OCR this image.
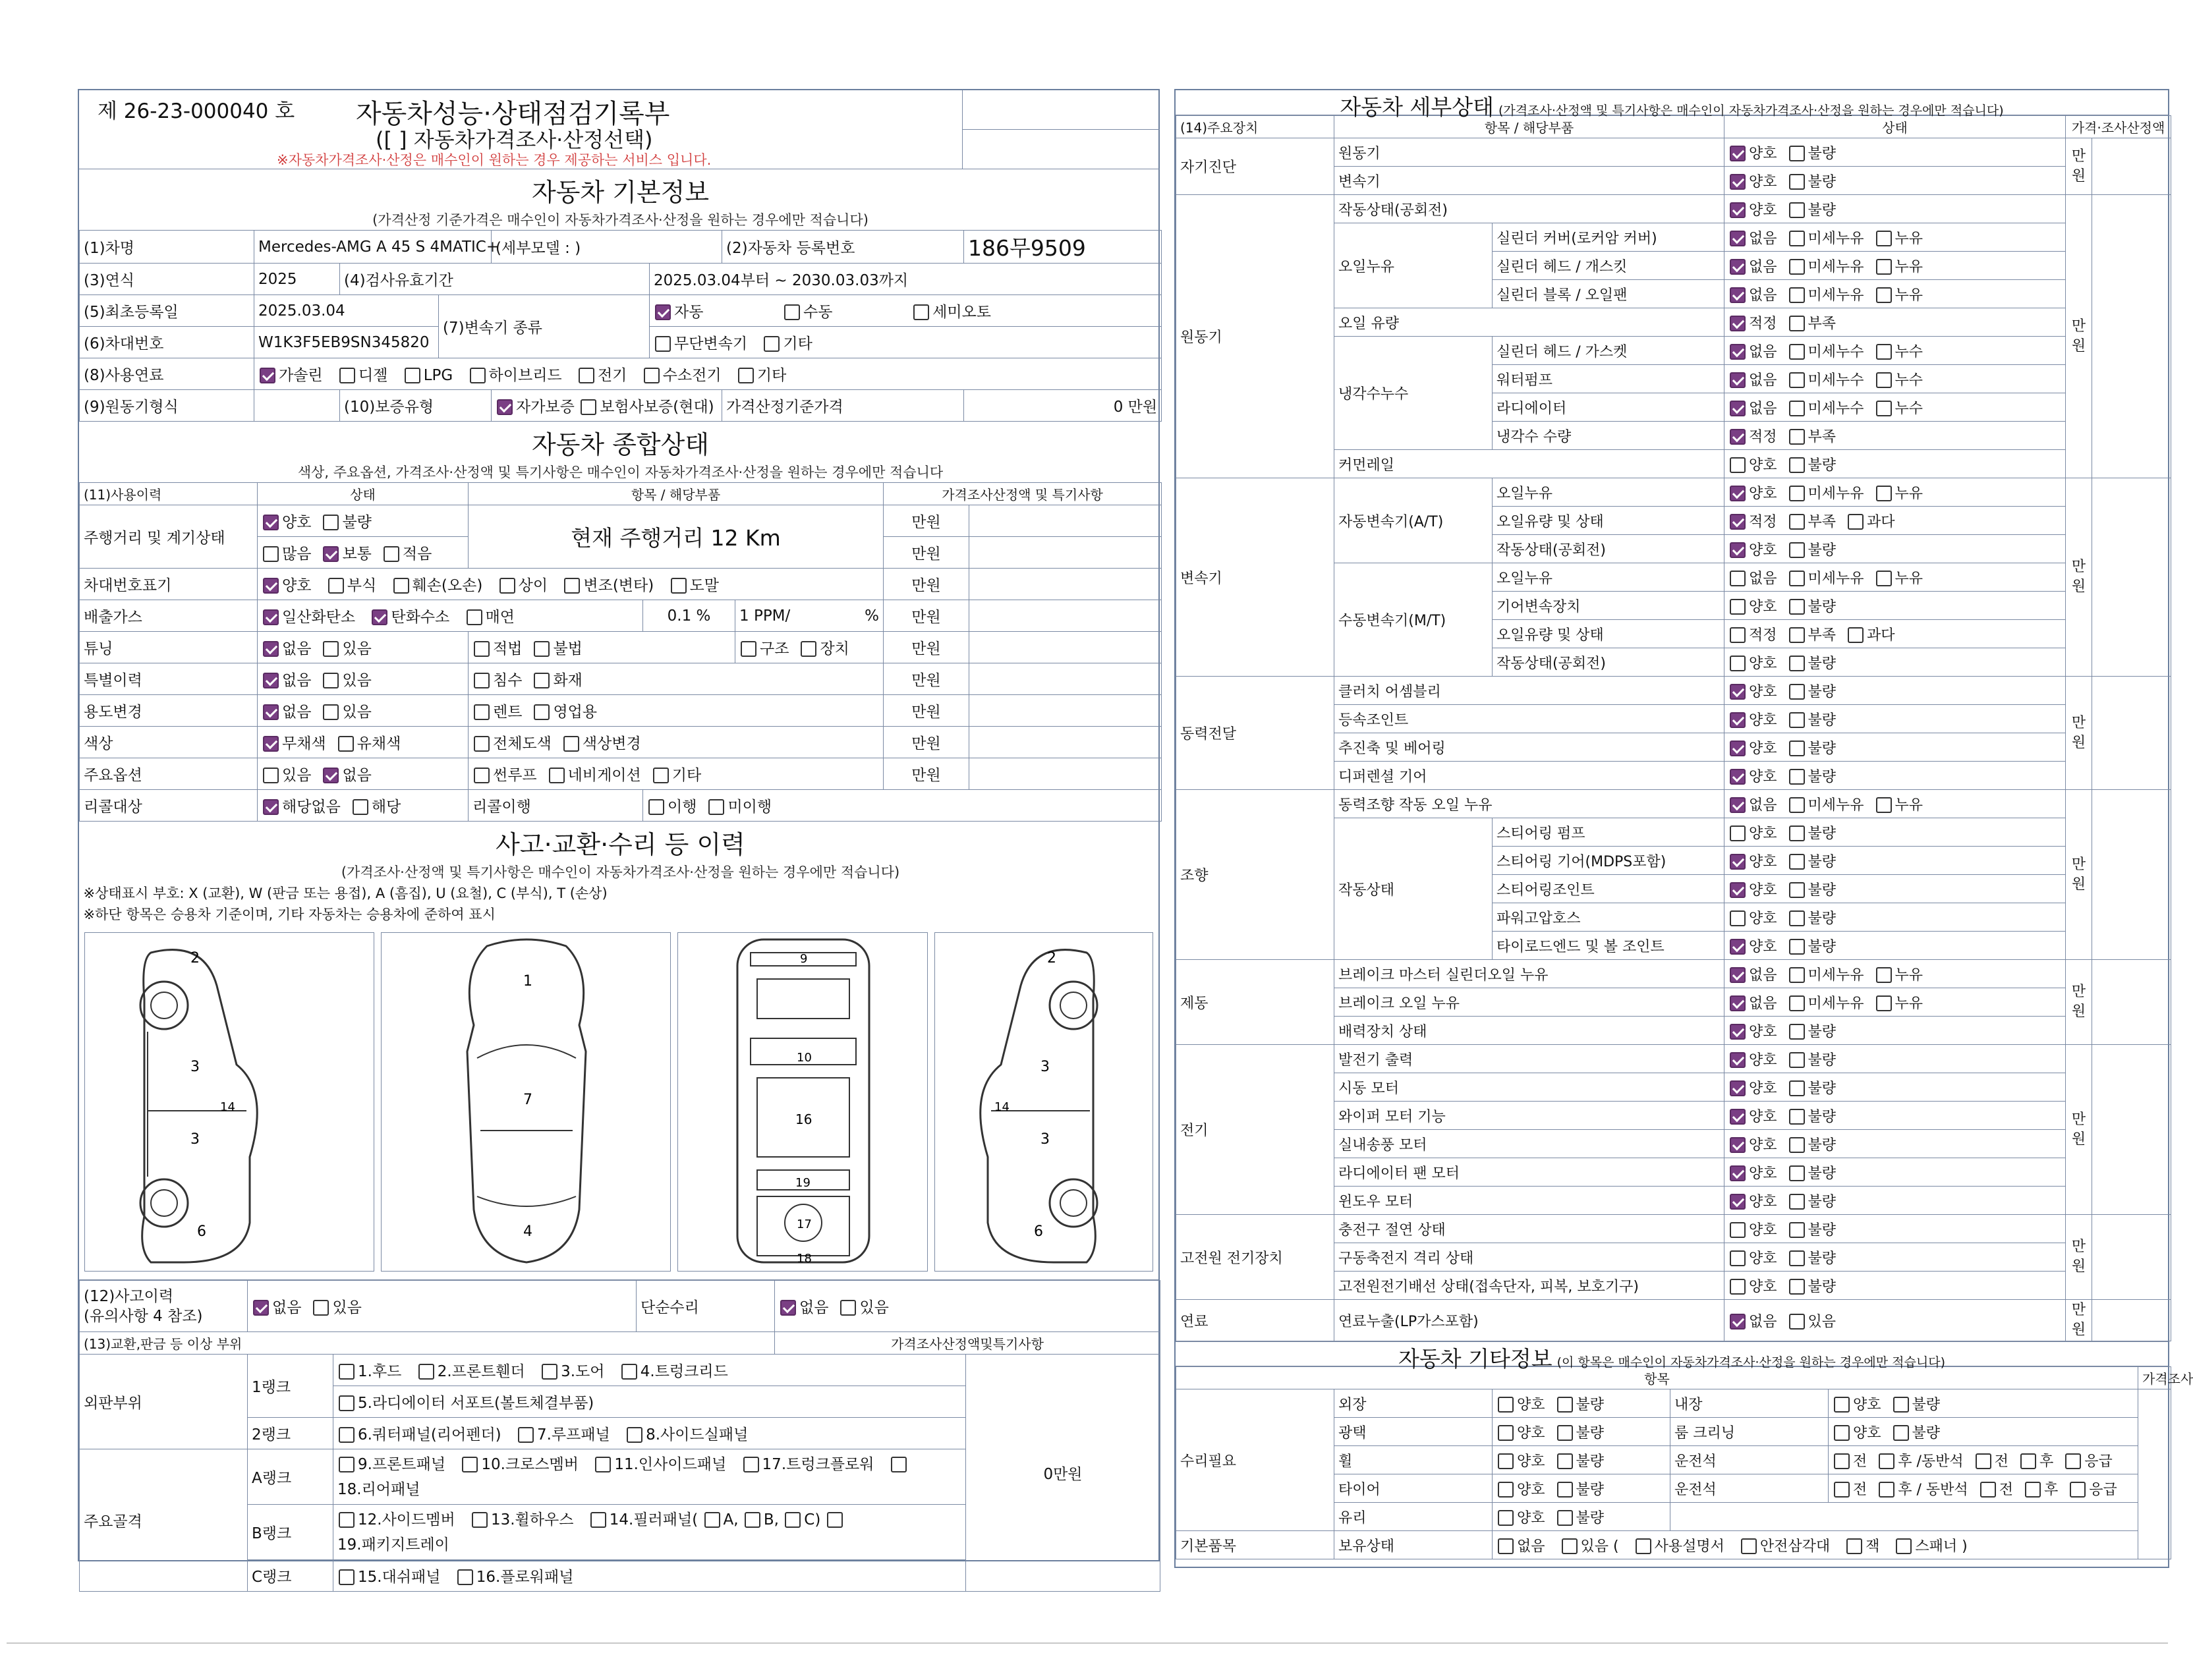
제 26-23-000040 호 자동차성능·상태점검기록부
([ ] 자동차가격조사·산정선택)
※자동차가격조사·산정은 매수인이 원하는 경우 제공하는 서비스 입니다.
자동차 기본정보							
(가격산정 기준가격은 매수인이 자동차가격조사·산정을 원하는 경우에만 적습니다)							
(1)차명	Mercedes-AMG A 45 S 4MATIC+			(세부모델 : )		(2)자동차 등록번호	186무9509
(3)연식	2025	(4)검사유효기간			2025.03.04부터 ~ 2030.03.03까지		
(5)최초등록일	2025.03.04		(7)변속기 종류		자동 수동 세미오토		
(6)차대번호	W1K3F5EB9SN345820				무단변속기 기타		
(8)사용연료	가솔린 디젤 LPG 하이브리드 전기 수소전기 기타						
(9)원동기형식		(10)보증유형		자가보증 보험사보증(현대)		가격산정기준가격	0 만원
자동차 종합상태						
색상, 주요옵션, 가격조사·산정액 및 특기사항은 매수인이 자동차가격조사·산정을 원하는 경우에만 적습니다						
(11)사용이력	상태	항목 / 해당부품			가격조사산정액 및 특기사항	
주행거리 및 계기상태	양호 불량	현재 주행거리 12 Km			만원	
	많음 보통 적음				만원	
차대번호표기	양호 부식 훼손(오손) 상이 변조(변타) 도말				만원	
배출가스	일산화탄소 탄화수소 매연		0.1 %	1 PPM/ %	만원	
튜닝	없음 있음	적법 불법		구조 장치	만원	
특별이력	없음 있음	침수 화재			만원	
용도변경	없음 있음	렌트 영업용			만원	
색상	무채색 유채색	전체도색 색상변경			만원	
주요옵션	있음 없음	썬루프 네비게이션 기타			만원	
리콜대상	해당없음 해당	리콜이행	이행 미이행			
사고·교환·수리 등 이력						
(가격조사·산정액 및 특기사항은 매수인이 자동차가격조사·산정을 원하는 경우에만 적습니다)						
※상태표시 부호: X (교환), W (판금 또는 용접), A (흠집), U (요철), C (부식), T (손상)						
※하단 항목은 승용차 기준이며, 기타 자동차는 승용차에 준하여 표시						
2
3
3
14
6
1
7
4
9
10
16
19
17
18
2
3
3
14
6
(12)사고이력
(유의사항 4 참조)	없음 있음		단순수리	없음 있음	
(13)교환,판금 등 이상 부위				가격조사산정액및특기사항	
외판부위	1랭크	1.후드 2.프론트휀더 3.도어 4.트렁크리드			0만원
		5.라디에이터 서포트(볼트체결부품)			
	2랭크	6.쿼터패널(리어펜더) 7.루프패널 8.사이드실패널			
주요골격	A랭크	9.프론트패널 10.크로스멤버 11.인사이드패널 17.트렁크플로워
18.리어패널			
	B랭크	12.사이드멤버 13.휠하우스 14.필러패널( A, B, C)
19.패키지트레이			
	C랭크	15.대쉬패널 16.플로워패널			
자동차 세부상태 (가격조사·산정액 및 특기사항은 매수인이 자동차가격조사·산정을 원하는 경우에만 적습니다)
(14)주요장치	항목 / 해당부품		상태	가격·조사산정액	
자기진단	원동기		양호 불량	만
원	

	변속기		양호 불량		
원동기	작동상태(공회전)		양호 불량	만
원	

	오일누유	실린더 커버(로커암 커버)	없음 미세누유 누유		
		실린더 헤드 / 개스킷	없음 미세누유 누유		
		실린더 블록 / 오일팬	없음 미세누유 누유		
	오일 유량		적정 부족		
	냉각수누수	실린더 헤드 / 가스켓	없음 미세누수 누수		
		워터펌프	없음 미세누수 누수		
		라디에이터	없음 미세누수 누수		
		냉각수 수량	적정 부족		
	커먼레일		양호 불량		
변속기	자동변속기(A/T)	오일누유	양호 미세누유 누유	만
원	

		오일유량 및 상태	적정 부족 과다		
		작동상태(공회전)	양호 불량		
	수동변속기(M/T)	오일누유	없음 미세누유 누유		
		기어변속장치	양호 불량		
		오일유량 및 상태	적정 부족 과다		
		작동상태(공회전)	양호 불량		
동력전달	클러치 어셈블리		양호 불량	만
원	

	등속조인트		양호 불량		
	추진축 및 베어링		양호 불량		
	디퍼렌셜 기어		양호 불량		
조향	동력조향 작동 오일 누유		없음 미세누유 누유	만
원	

	작동상태	스티어링 펌프	양호 불량		
		스티어링 기어(MDPS포함)	양호 불량		
		스티어링조인트	양호 불량		
		파워고압호스	양호 불량		
		타이로드엔드 및 볼 조인트	양호 불량		
제동	브레이크 마스터 실린더오일 누유		없음 미세누유 누유	만
원	

	브레이크 오일 누유		없음 미세누유 누유		
	배력장치 상태		양호 불량		
전기	발전기 출력		양호 불량	만
원	

	시동 모터		양호 불량		
	와이퍼 모터 기능		양호 불량		
	실내송풍 모터		양호 불량		
	라디에이터 팬 모터		양호 불량		
	윈도우 모터		양호 불량		
고전원 전기장치	충전구 절연 상태		양호 불량	만
원	

	구동축전지 격리 상태		양호 불량		
	고전원전기배선 상태(접속단자, 피복, 보호기구)		양호 불량		
연료	연료누출(LP가스포함)		없음 있음	만
원	

자동차 기타정보 (이 항목은 매수인이 자동차가격조사·산정을 원하는 경우에만 적습니다)
항목					가격조사
수리필요	외장	양호 불량	내장	양호 불량	
	광택	양호 불량	룸 크리닝	양호 불량	
	휠	양호 불량	운전석	전 후 /동반석 전 후 응급	
	타이어	양호 불량	운전석	전 후 / 동반석 전 후 응급	
	유리	양호 불량			
기본품목	보유상태	없음 있음 ( 사용설명서 안전삼각대 잭 스패너 )			
